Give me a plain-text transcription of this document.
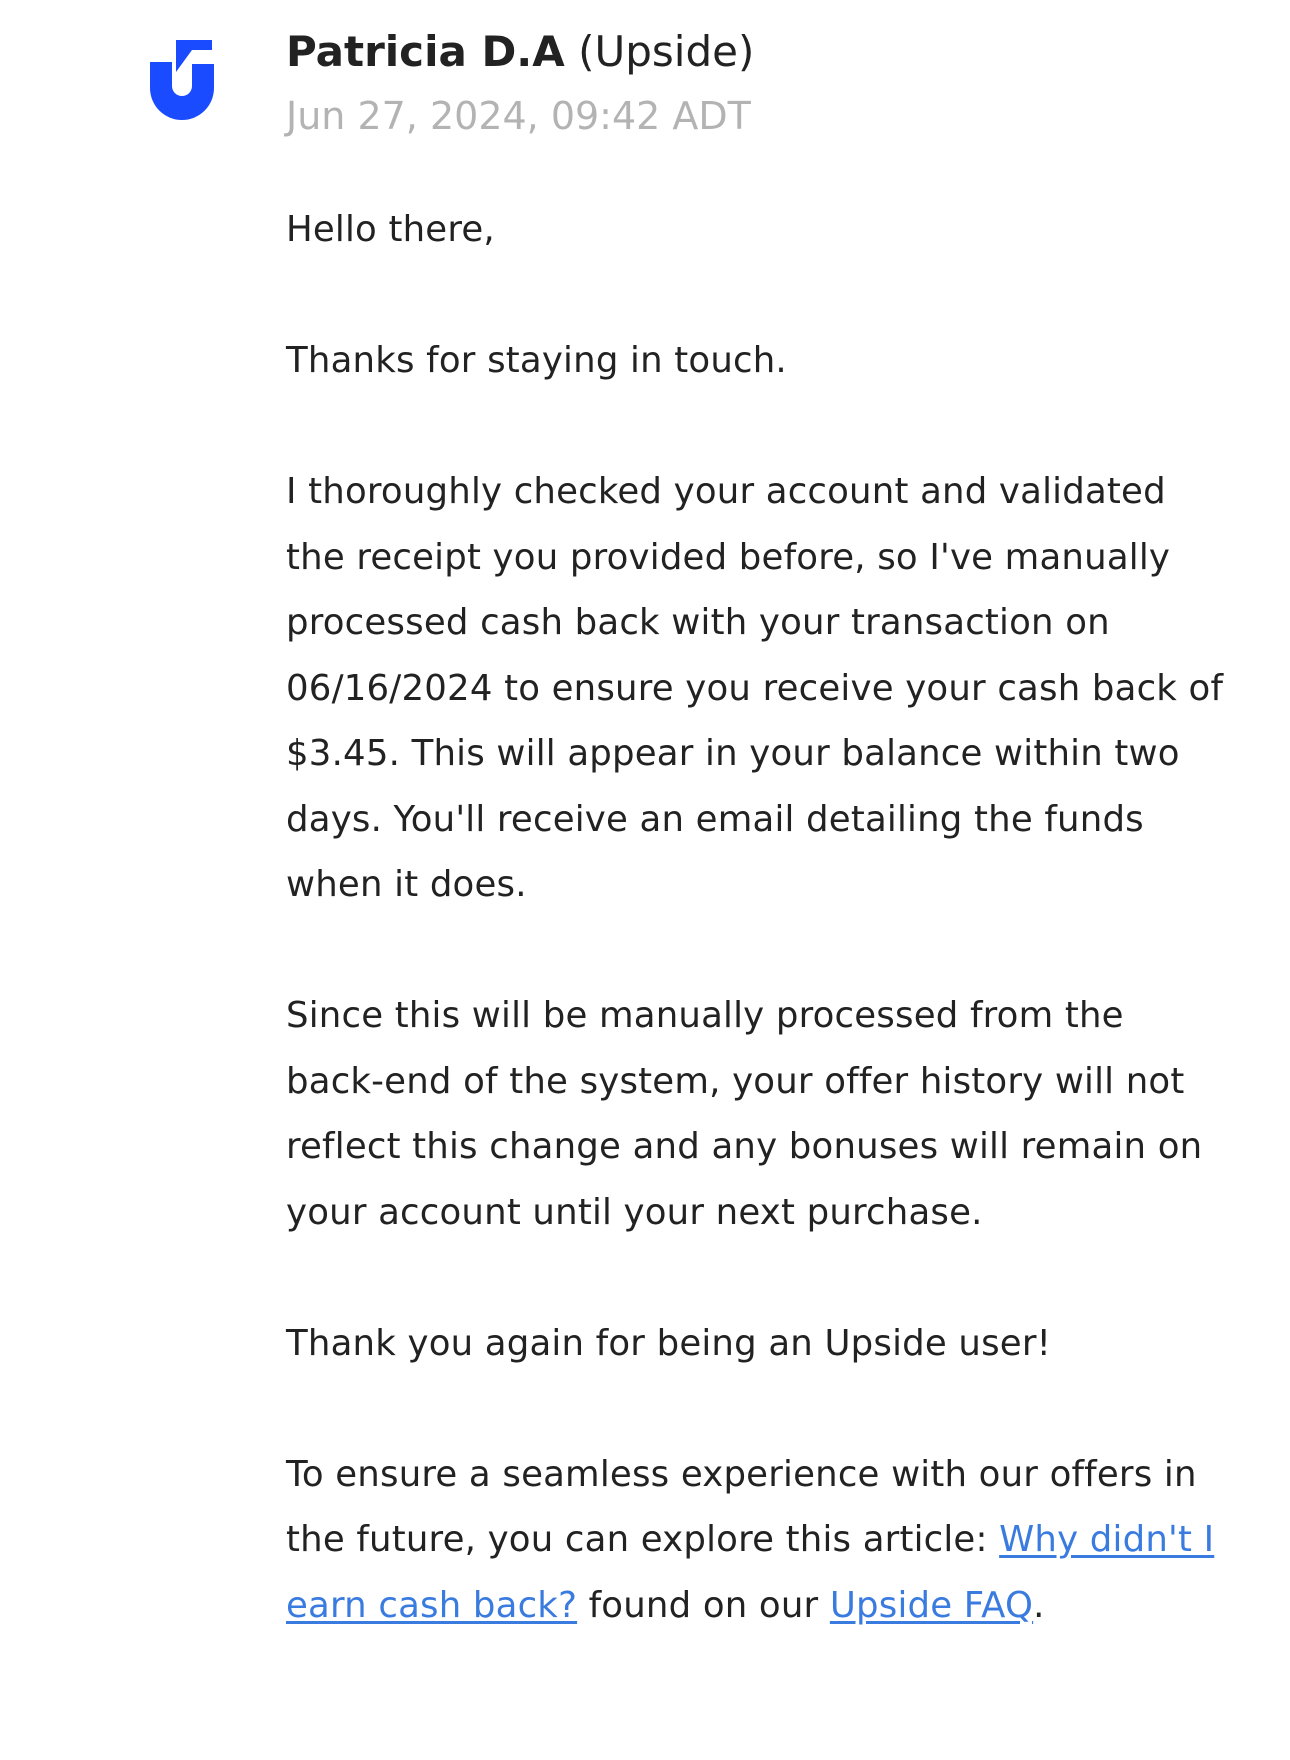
Patricia D.A (Upside)
Jun 27, 2024, 09:42 ADT

Hello there,

Thanks for staying in touch.

I thoroughly checked your account and validated the receipt you provided before, so I've manually processed cash back with your transaction on 06/16/2024 to ensure you receive your cash back of $3.45. This will appear in your balance within two days. You'll receive an email detailing the funds when it does.

Since this will be manually processed from the back-end of the system, your offer history will not reflect this change and any bonuses will remain on your account until your next purchase.

Thank you again for being an Upside user!

To ensure a seamless experience with our offers in the future, you can explore this article: Why didn't I earn cash back? found on our Upside FAQ.
